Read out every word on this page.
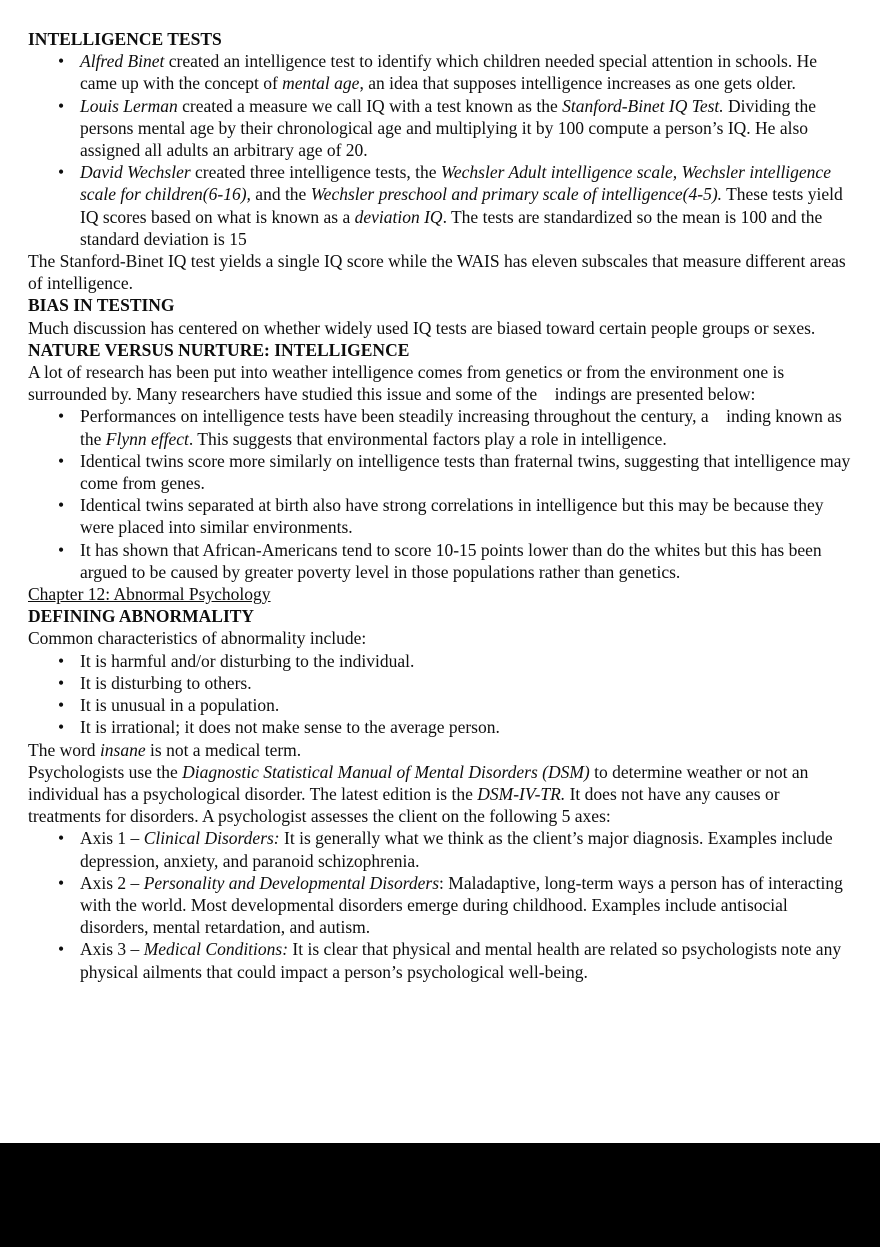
INTELLIGENCE TESTS
• Alfred Binet created an intelligence test to identify which children needed special attention in schools. He came up with the concept of mental age, an idea that supposes intelligence increases as one gets older.
• Louis Lerman created a measure we call IQ with a test known as the Stanford-Binet IQ Test. Dividing the persons mental age by their chronological age and multiplying it by 100 compute a person’s IQ. He also assigned all adults an arbitrary age of 20.
• David Wechsler created three intelligence tests, the Wechsler Adult intelligence scale, Wechsler intelligence scale for children(6-16), and the Wechsler preschool and primary scale of intelligence(4-5). These tests yield IQ scores based on what is known as a deviation IQ. The tests are standardized so the mean is 100 and the standard deviation is 15
The Stanford-Binet IQ test yields a single IQ score while the WAIS has eleven subscales that measure different areas of intelligence.
BIAS IN TESTING
Much discussion has centered on whether widely used IQ tests are biased toward certain people groups or sexes.
NATURE VERSUS NURTURE: INTELLIGENCE
A lot of research has been put into weather intelligence comes from genetics or from the environment one is surrounded by. Many researchers have studied this issue and some of the    indings are presented below:
• Performances on intelligence tests have been steadily increasing throughout the century, a    inding known as the Flynn effect. This suggests that environmental factors play a role in intelligence.
• Identical twins score more similarly on intelligence tests than fraternal twins, suggesting that intelligence may come from genes.
• Identical twins separated at birth also have strong correlations in intelligence but this may be because they were placed into similar environments.
• It has shown that African-Americans tend to score 10-15 points lower than do the whites but this has been argued to be caused by greater poverty level in those populations rather than genetics.
Chapter 12: Abnormal Psychology
DEFINING ABNORMALITY
Common characteristics of abnormality include:
• It is harmful and/or disturbing to the individual.
• It is disturbing to others.
• It is unusual in a population.
• It is irrational; it does not make sense to the average person.
The word insane is not a medical term.
Psychologists use the Diagnostic Statistical Manual of Mental Disorders (DSM) to determine weather or not an individual has a psychological disorder. The latest edition is the DSM-IV-TR. It does not have any causes or treatments for disorders. A psychologist assesses the client on the following 5 axes:
• Axis 1 – Clinical Disorders: It is generally what we think as the client’s major diagnosis. Examples include depression, anxiety, and paranoid schizophrenia.
• Axis 2 – Personality and Developmental Disorders: Maladaptive, long-term ways a person has of interacting with the world. Most developmental disorders emerge during childhood. Examples include antisocial disorders, mental retardation, and autism.
• Axis 3 – Medical Conditions: It is clear that physical and mental health are related so psychologists note any physical ailments that could impact a person’s psychological well-being.
